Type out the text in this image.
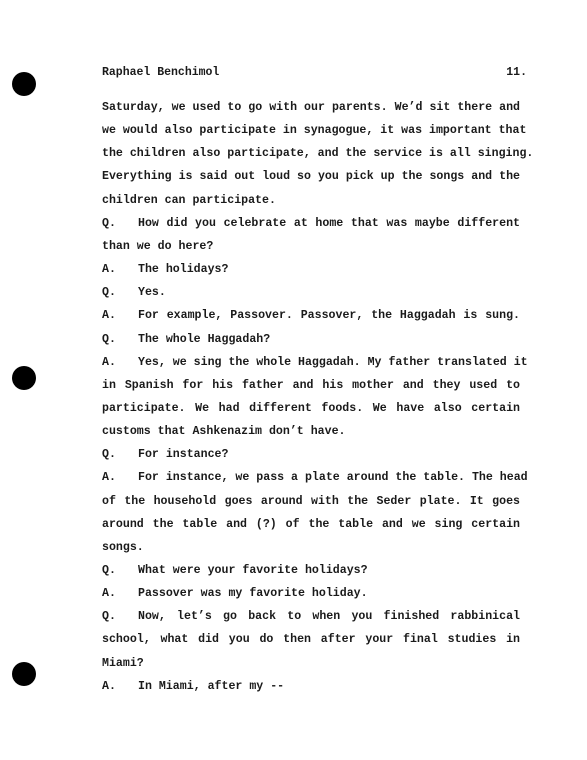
Raphael Benchimol	11.
Saturday, we used to go with our parents. We’d sit there and
we would also participate in synagogue, it was important that
the children also participate, and the service is all singing.
Everything is said out loud so you pick up the songs and the
children can participate.
Q. How did you celebrate at home that was maybe different
than we do here?
A. The holidays?
Q. Yes.
A. For example, Passover. Passover, the Haggadah is sung.
Q. The whole Haggadah?
A. Yes, we sing the whole Haggadah. My father translated it
in Spanish for his father and his mother and they used to
participate. We had different foods. We have also certain
customs that Ashkenazim don’t have.
Q. For instance?
A. For instance, we pass a plate around the table. The head
of the household goes around with the Seder plate. It goes
around the table and (?) of the table and we sing certain
songs.
Q. What were your favorite holidays?
A. Passover was my favorite holiday.
Q. Now, let’s go back to when you finished rabbinical
school, what did you do then after your final studies in
Miami?
A. In Miami, after my --
